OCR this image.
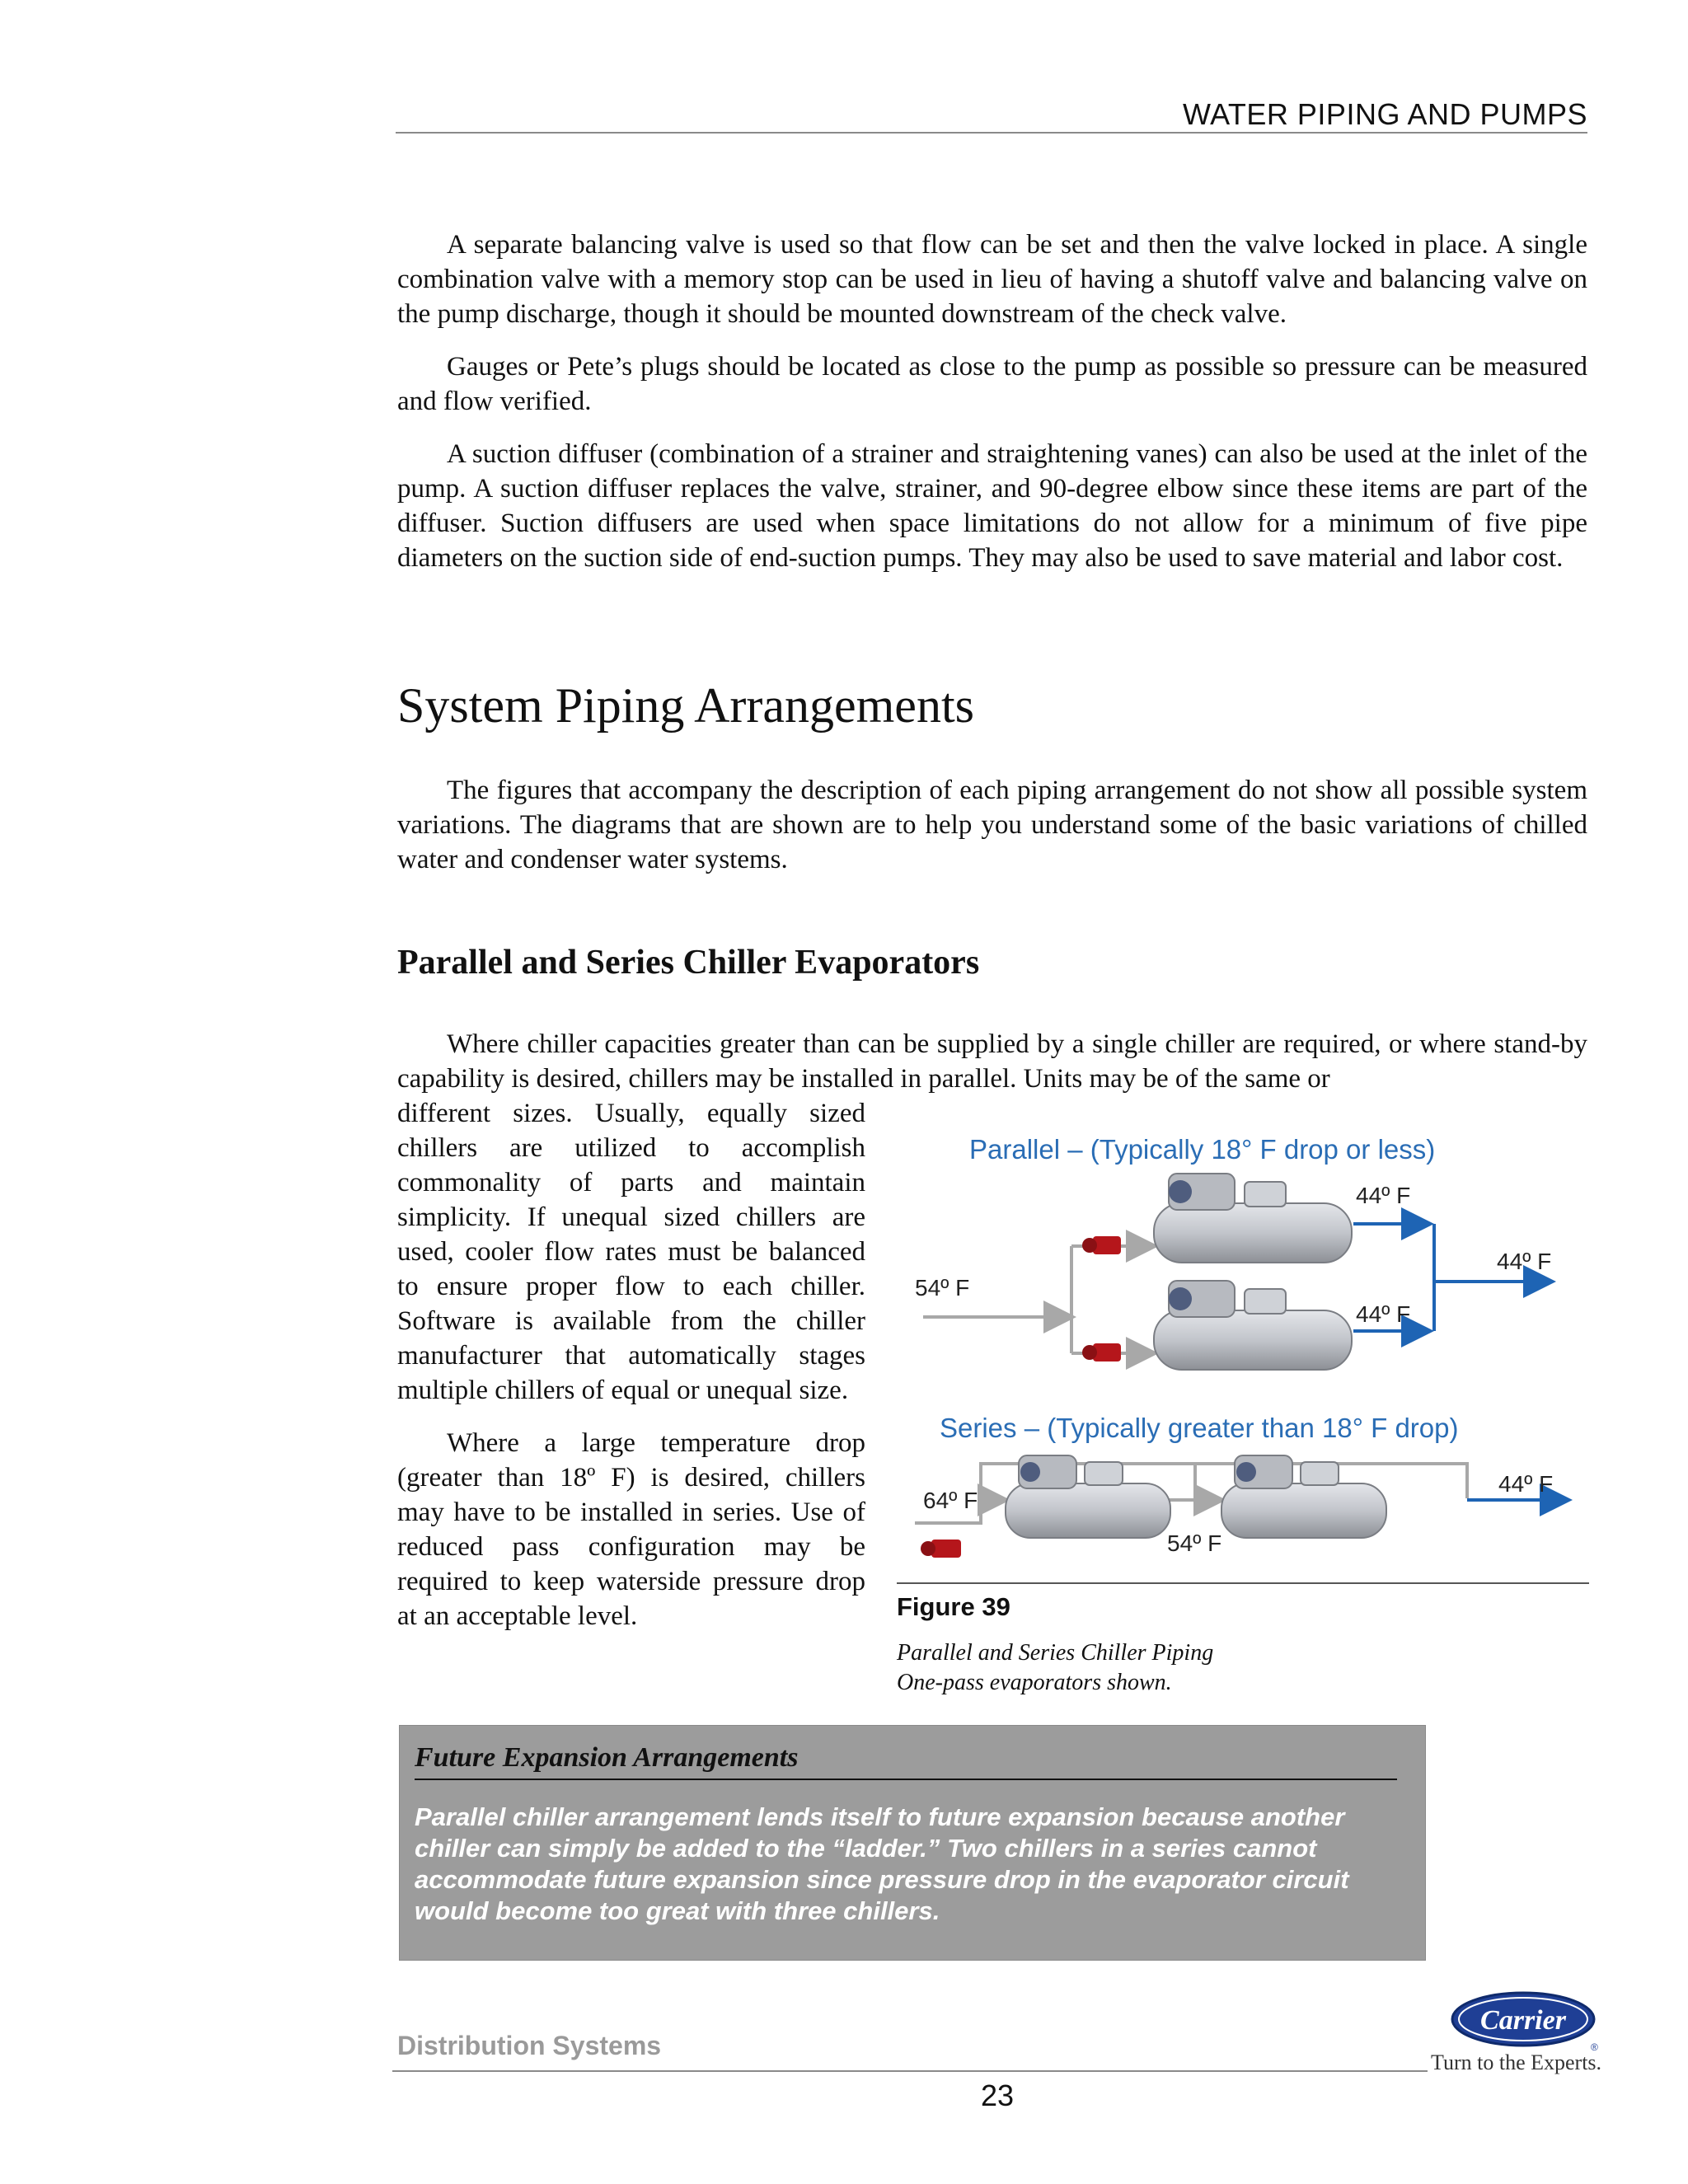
WATER PIPING AND PUMPS

A separate balancing valve is used so that flow can be set and then the valve locked in place. A single combination valve with a memory stop can be used in lieu of having a shutoff valve and balancing valve on the pump discharge, though it should be mounted downstream of the check valve.

Gauges or Pete’s plugs should be located as close to the pump as possible so pressure can be measured and flow verified.

A suction diffuser (combination of a strainer and straightening vanes) can also be used at the inlet of the pump. A suction diffuser replaces the valve, strainer, and 90-degree elbow since these items are part of the diffuser. Suction diffusers are used when space limitations do not allow for a minimum of five pipe diameters on the suction side of end-suction pumps. They may also be used to save material and labor cost.

System Piping Arrangements

The figures that accompany the description of each piping arrangement do not show all possible system variations. The diagrams that are shown are to help you understand some of the basic variations of chilled water and condenser water systems.

Parallel and Series Chiller Evaporators

Where chiller capacities greater than can be supplied by a single chiller are required, or where stand-by capability is desired, chillers may be installed in parallel. Units may be of the same or

different sizes. Usually, equally sized chillers are utilized to accomplish commonality of parts and maintain simplicity. If unequal sized chillers are used, cooler flow rates must be balanced to ensure proper flow to each chiller. Software is available from the chiller manufacturer that automatically stages multiple chillers of equal or unequal size.

Where a large temperature drop (greater than 18º F) is desired, chillers may have to be installed in series. Use of reduced pass configuration may be required to keep waterside pressure drop at an acceptable level.

Parallel – (Typically 18° F drop or less)
54º F
44º F
44º F
44º F
Series – (Typically greater than 18° F drop)
64º F
54º F
44º F
Figure 39
Parallel and Series Chiller Piping
One-pass evaporators shown.
Future Expansion Arrangements
Parallel chiller arrangement lends itself to future expansion because another chiller can simply be added to the “ladder.” Two chillers in a series cannot accommodate future expansion since pressure drop in the evaporator circuit would become too great with three chillers.
Distribution Systems
23
Carrier
®
Turn to the Experts.
